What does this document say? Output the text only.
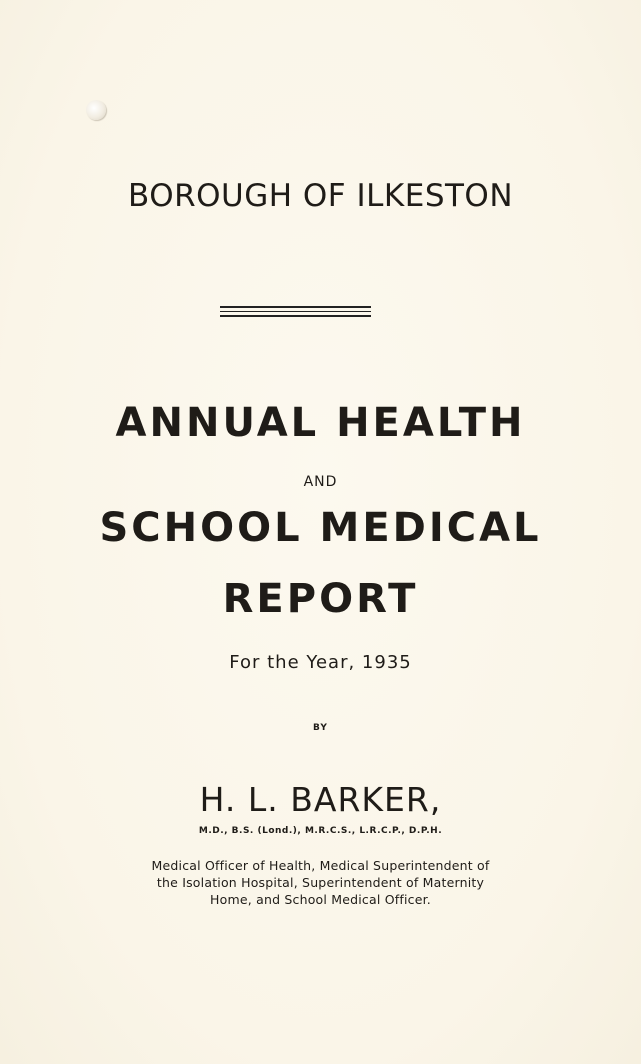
BOROUGH OF ILKESTON
ANNUAL HEALTH
AND
SCHOOL MEDICAL
REPORT
For the Year, 1935
BY
H. L. BARKER,
M.D., B.S. (Lond.), M.R.C.S., L.R.C.P., D.P.H.
Medical Officer of Health, Medical Superintendent of
the Isolation Hospital, Superintendent of Maternity
Home, and School Medical Officer.
